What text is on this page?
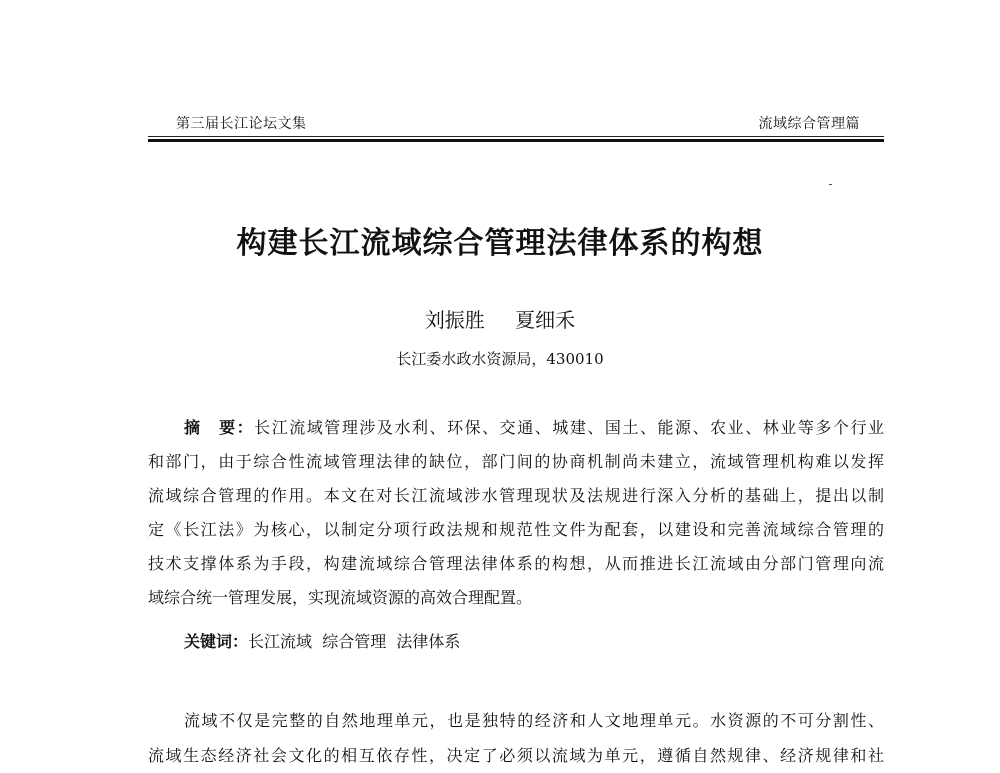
第三届长江论坛文集	流域综合管理篇
构建长江流域综合管理法律体系的构想
刘振胜 夏细禾
长江委水政水资源局，430010
摘　要：长江流域管理涉及水利、环保、交通、城建、国土、能源、农业、林业等多个行业
和部门，由于综合性流域管理法律的缺位，部门间的协商机制尚未建立，流域管理机构难以发挥
流域综合管理的作用。本文在对长江流域涉水管理现状及法规进行深入分析的基础上，提出以制
定《长江法》为核心，以制定分项行政法规和规范性文件为配套，以建设和完善流域综合管理的
技术支撑体系为手段，构建流域综合管理法律体系的构想，从而推进长江流域由分部门管理向流
域综合统一管理发展，实现流域资源的高效合理配置。
关键词：长江流域  综合管理  法律体系
流域不仅是完整的自然地理单元，也是独特的经济和人文地理单元。水资源的不可分割性、
流域生态经济社会文化的相互依存性，决定了必须以流域为单元，遵循自然规律、经济规律和社
